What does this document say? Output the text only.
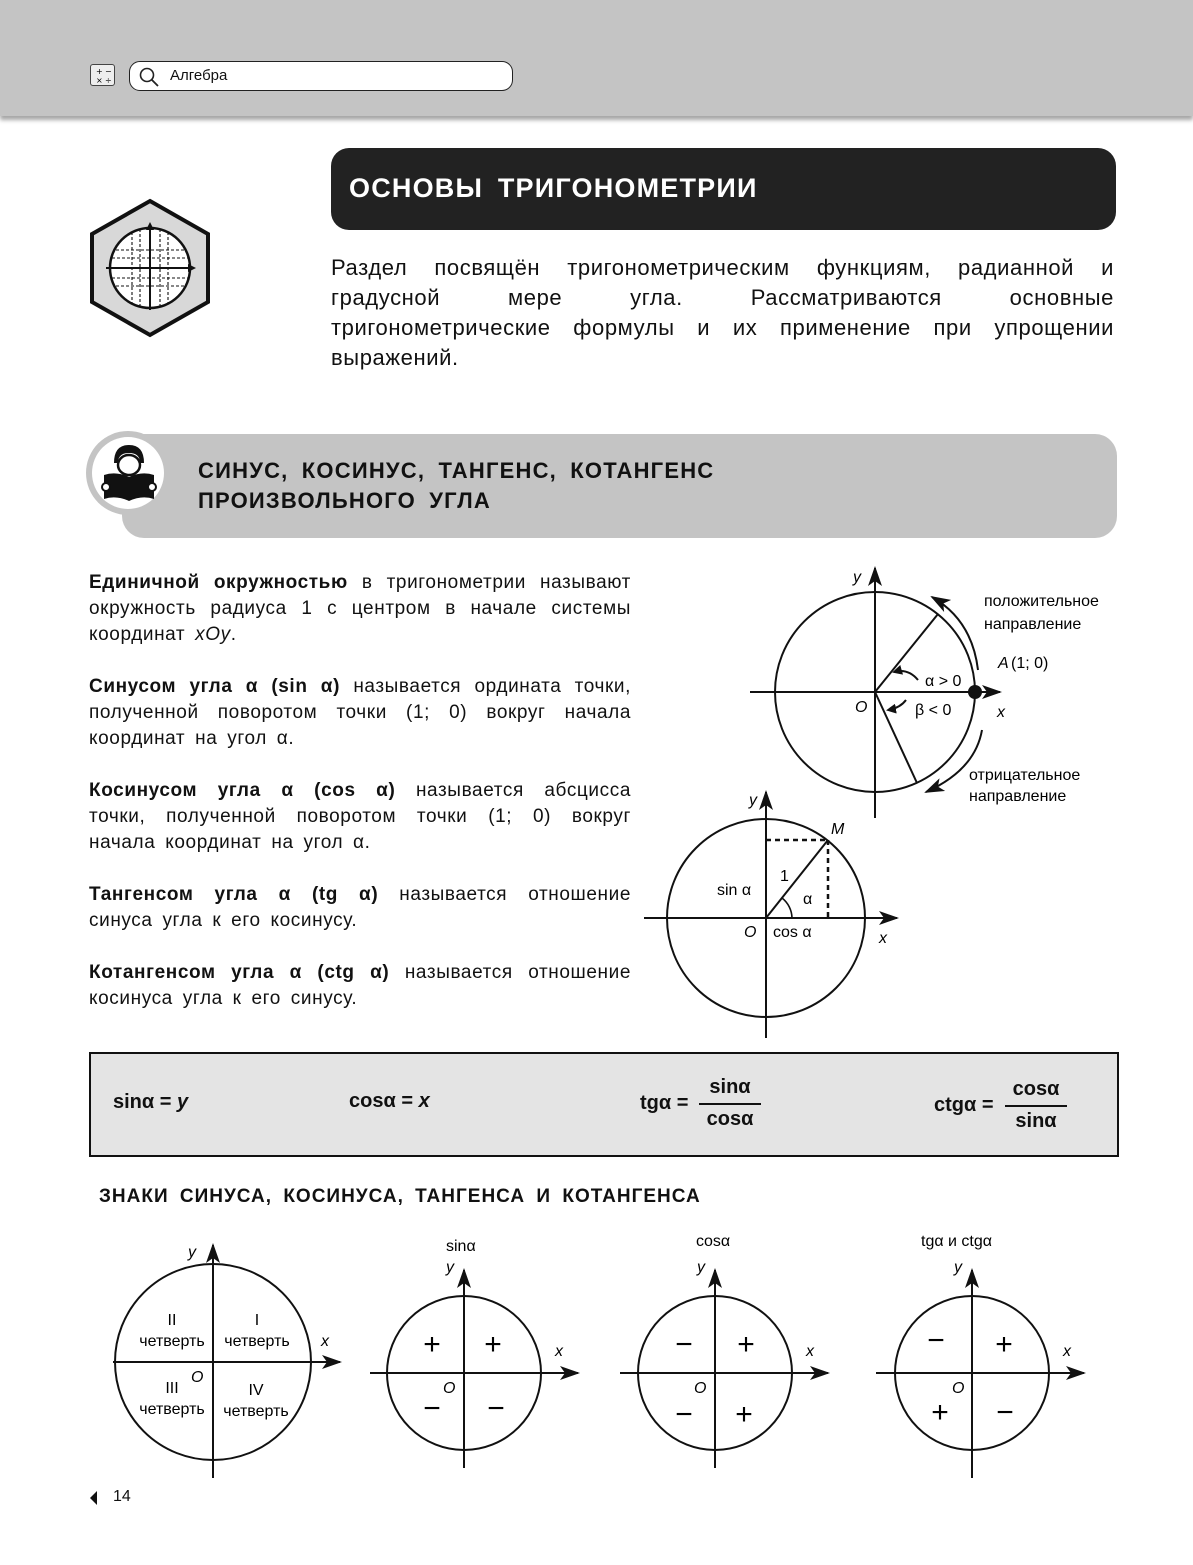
+ −
× ÷	Алгебра
ОСНОВЫ ТРИГОНОМЕТРИИ
Раздел посвящён тригонометрическим функциям, радианной и градусной мере угла. Рассматриваются основные тригонометрические формулы и их применение при упрощении выражений.
СИНУС, КОСИНУС, ТАНГЕНС, КОТАНГЕНС
ПРОИЗВОЛЬНОГО УГЛА

Единичной окружностью в тригонометрии называют окружность радиуса 1 с центром в начале системы координат xOy.

Синусом угла α (sin α) называется ордината точки, полученной поворотом точки (1; 0) вокруг начала координат на угол α.

Косинусом угла α (cos α) называется абсцисса точки, полученной поворотом точки (1; 0) вокруг начала координат на угол α.

Тангенсом угла α (tg α) называется отношение синуса угла к его косинусу.

Котангенсом угла α (ctg α) называется отношение косинуса угла к его синусу.

y
x
O
положительное
направление
отрицательное
направление
A (1; 0)
α > 0
β < 0
y
x
O
M
1
α
sin α
cos α
y
x
O
I
четверть
II
четверть
III
четверть
IV
четверть
sinα
y
x
O
+
+
− −
cosα
y
x
O
+
−
− +
tgα и ctgα
y
x
O
+
−
+ −
sinα = y	cosα = x	$tg\alpha = \frac{\sin\alpha}{\cos\alpha}$	$ctg\alpha = \frac{\cos\alpha}{\sin\alpha}$
ЗНАКИ СИНУСА, КОСИНУСА, ТАНГЕНСА И КОТАНГЕНСА
14
